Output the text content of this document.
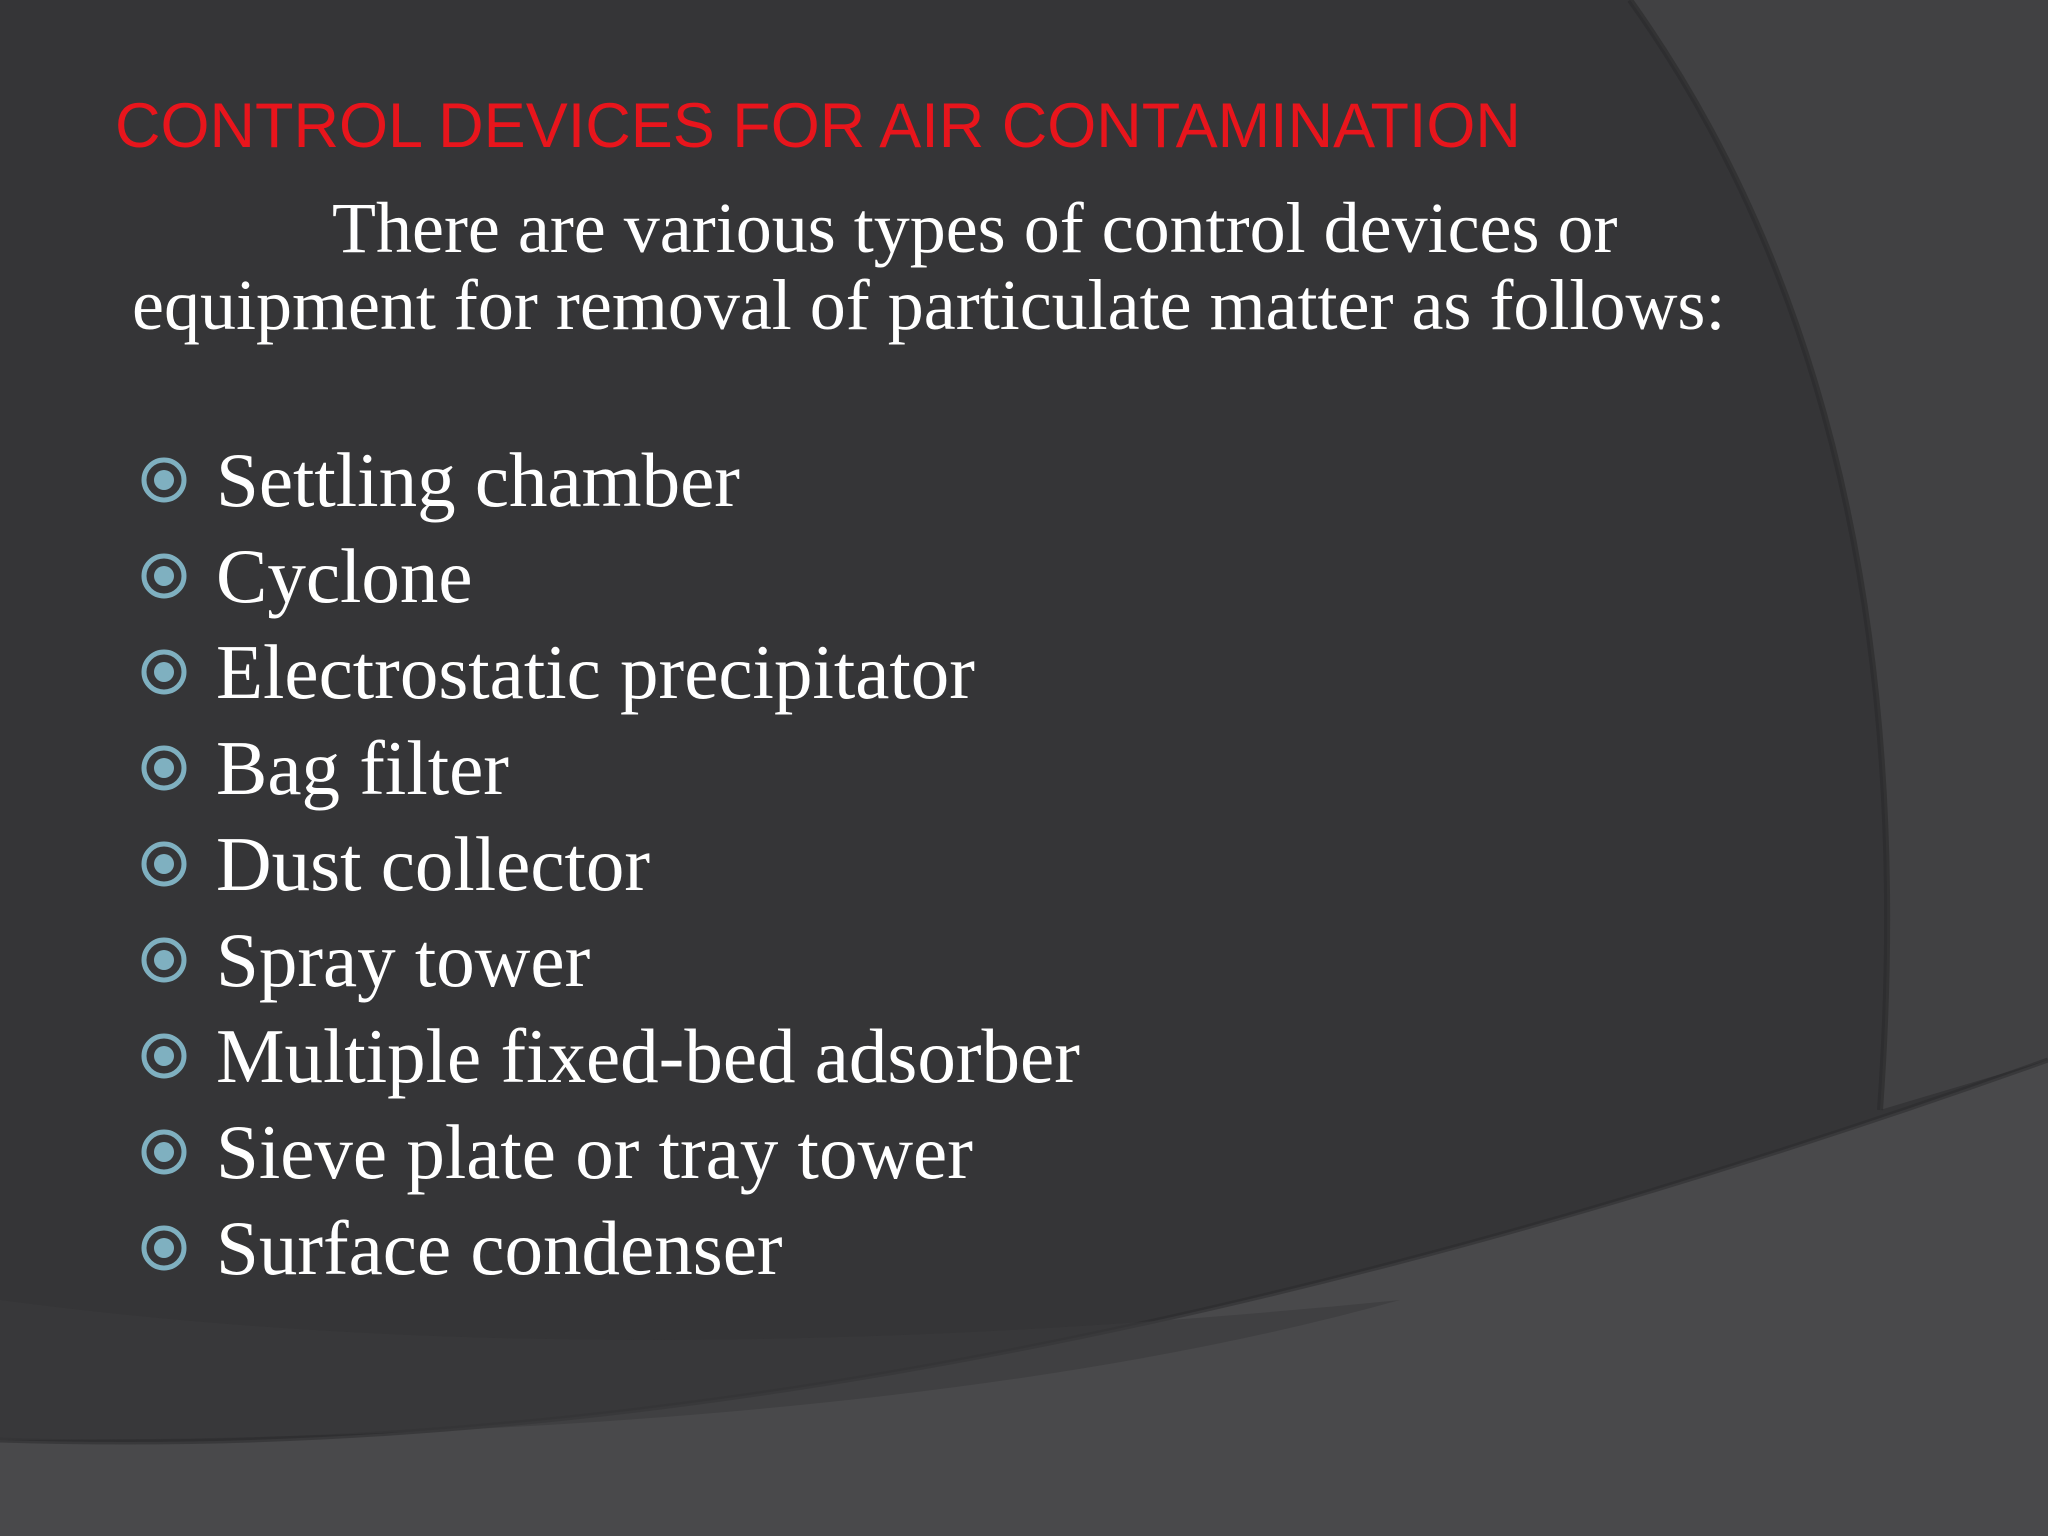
CONTROL DEVICES FOR AIR CONTAMINATION

There are various types of control devices or equipment for removal of particulate matter as follows:

Settling chamber
Cyclone
Electrostatic precipitator
Bag filter
Dust collector
Spray tower
Multiple fixed-bed adsorber
Sieve plate or tray tower
Surface condenser
